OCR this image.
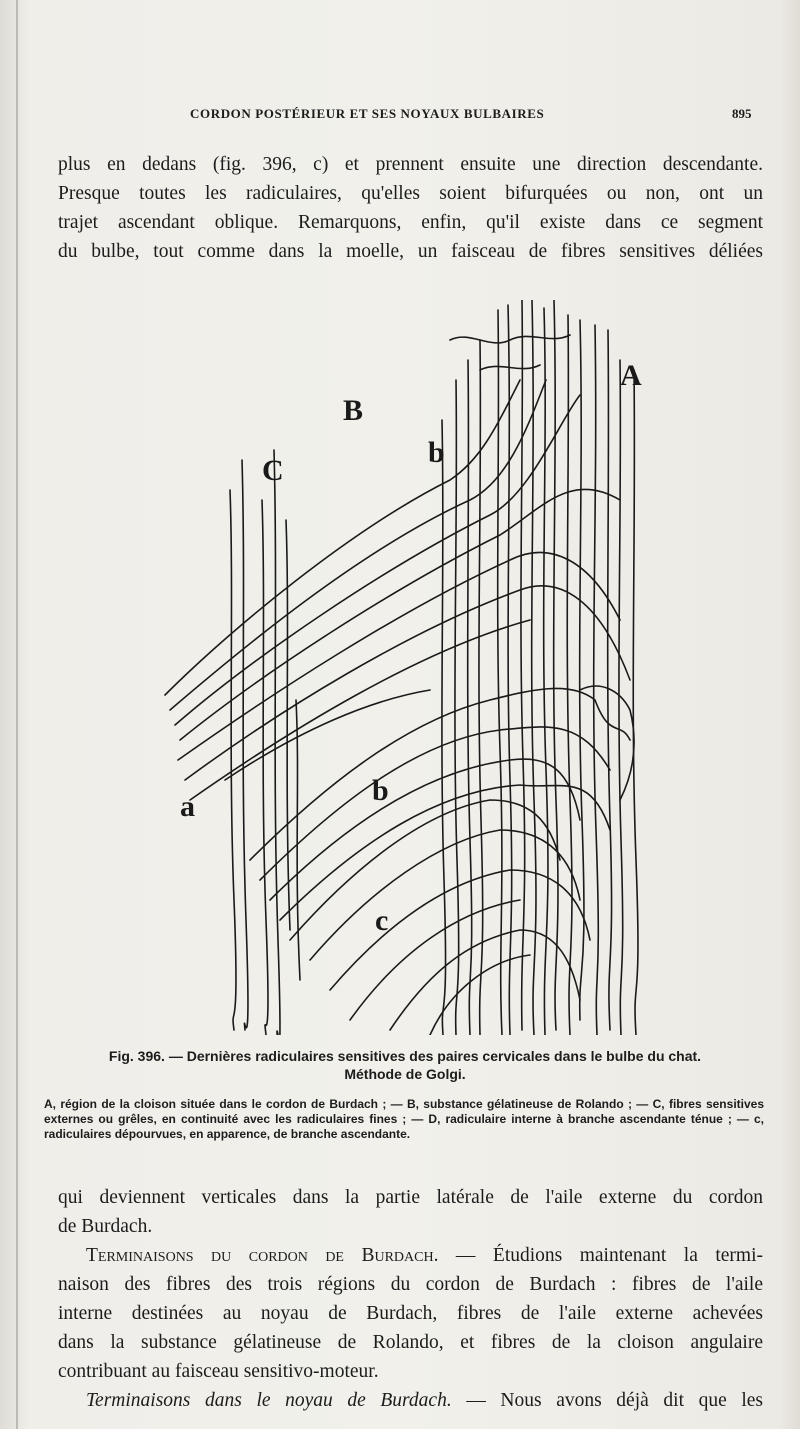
CORDON POSTÉRIEUR ET SES NOYAUX BULBAIRES	895
plus en dedans (fig. 396, c) et prennent ensuite une direction descendante.
Presque toutes les radiculaires, qu'elles soient bifurquées ou non, ont un
trajet ascendant oblique. Remarquons, enfin, qu'il existe dans ce segment
du bulbe, tout comme dans la moelle, un faisceau de fibres sensitives déliées
A
B
C
b
b
a
c
Fig. 396. — Dernières radiculaires sensitives des paires cervicales dans le bulbe du chat.
Méthode de Golgi.
A, région de la cloison située dans le cordon de Burdach ; — B, substance gélatineuse de Rolando ; — C, fibres sensitives externes ou grêles, en continuité avec les radiculaires fines ; — D, radiculaire interne à branche ascendante ténue ; — c, radiculaires dépourvues, en apparence, de branche ascendante.
qui deviennent verticales dans la partie latérale de l'aile externe du cordon
de Burdach.
Terminaisons du cordon de Burdach. — Étudions maintenant la termi-
naison des fibres des trois régions du cordon de Burdach : fibres de l'aile
interne destinées au noyau de Burdach, fibres de l'aile externe achevées
dans la substance gélatineuse de Rolando, et fibres de la cloison angulaire
contribuant au faisceau sensitivo-moteur.
Terminaisons dans le noyau de Burdach. — Nous avons déjà dit que les
